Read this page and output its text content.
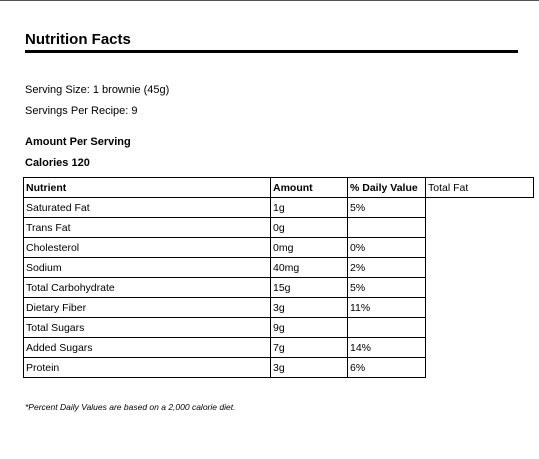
Nutrition Facts

Serving Size: 1 brownie (45g)

Servings Per Recipe: 9

Amount Per Serving

Calories 120

Nutrient	Amount	% Daily Value	Total Fat
Saturated Fat	1g	5%	
Trans Fat	0g		
Cholesterol	0mg	0%	
Sodium	40mg	2%	
Total Carbohydrate	15g	5%	
Dietary Fiber	3g	11%	
Total Sugars	9g		
Added Sugars	7g	14%	
Protein	3g	6%	

*Percent Daily Values are based on a 2,000 calorie diet.
